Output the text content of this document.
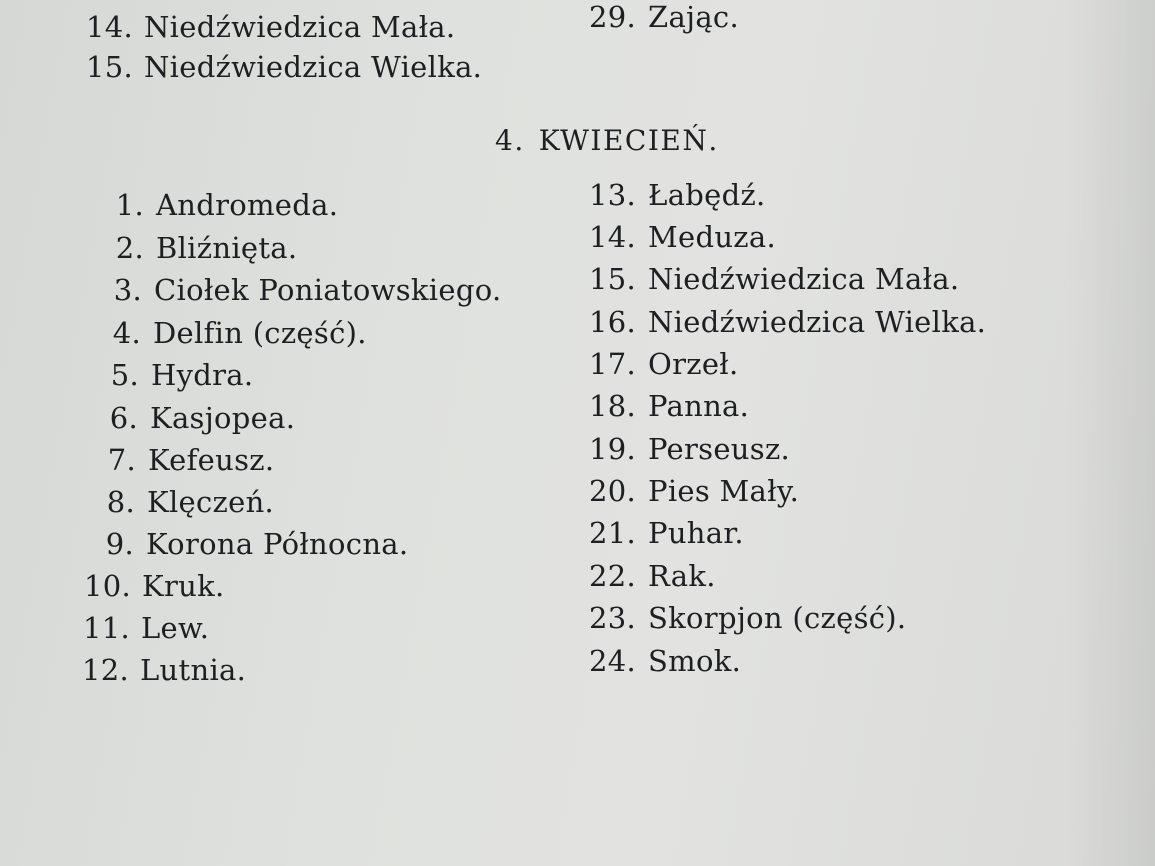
14. Niedźwiedzica Mała.
15. Niedźwiedzica Wielka.
29. Zając.
4. KWIECIEŃ.
1. Andromeda.
2. Bliźnięta.
3. Ciołek Poniatowskiego.
4. Delfin (część).
5. Hydra.
6. Kasjopea.
7. Kefeusz.
8. Klęczeń.
9. Korona Północna.
10. Kruk.
11. Lew.
12. Lutnia.
13. Łabędź.
14. Meduza.
15. Niedźwiedzica Mała.
16. Niedźwiedzica Wielka.
17. Orzeł.
18. Panna.
19. Perseusz.
20. Pies Mały.
21. Puhar.
22. Rak.
23. Skorpjon (część).
24. Smok.
